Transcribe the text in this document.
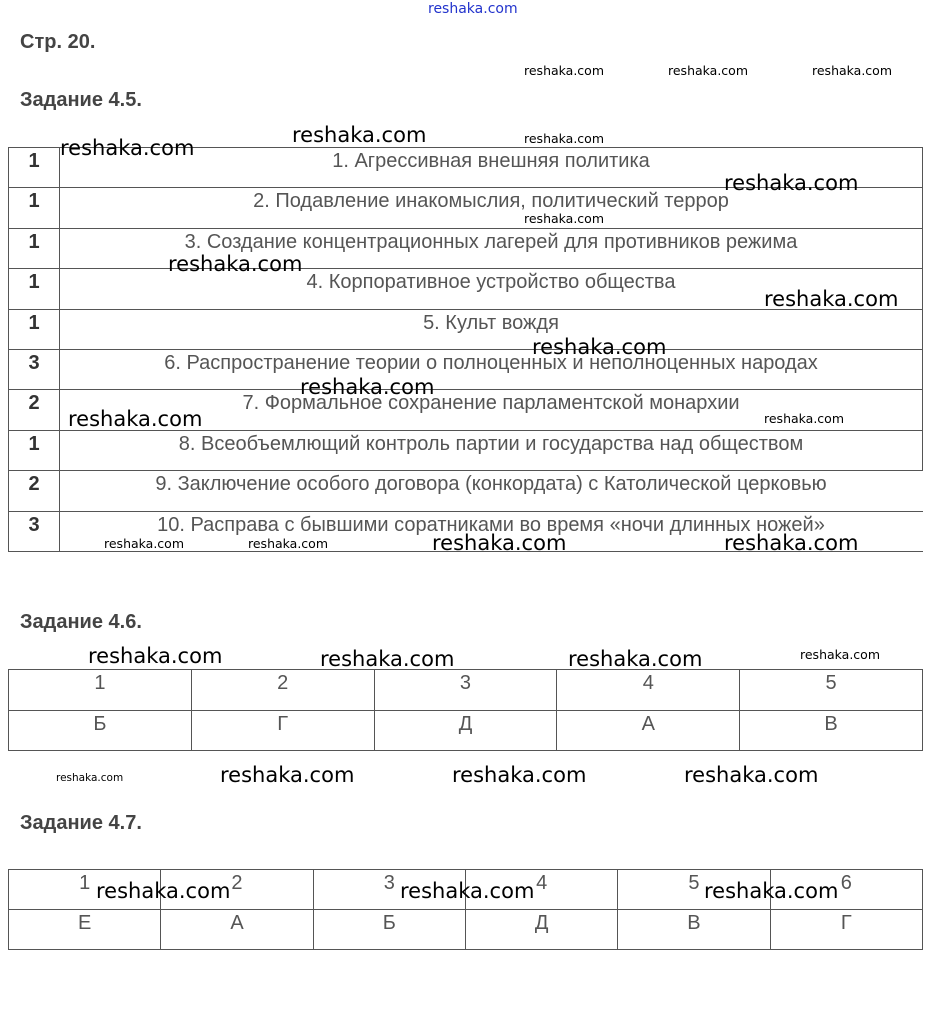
Стр. 20.
Задание 4.5.
1	1. Агрессивная внешняя политика
1	2. Подавление инакомыслия, политический террор
1	3. Создание концентрационных лагерей для противников режима
1	4. Корпоративное устройство общества
1	5. Культ вождя
3	6. Распространение теории о полноценных и неполноценных народах
2	7. Формальное сохранение парламентской монархии
1	8. Всеобъемлющий контроль партии и государства над обществом
2	9. Заключение особого договора (конкордата) с Католической церковью
3	10. Расправа с бывшими соратниками во время «ночи длинных ножей»
Задание 4.6.
1	2	3	4	5
Б	Г	Д	А	В
Задание 4.7.
1	2	3	4	5	6
Е	А	Б	Д	В	Г
reshaka.com
reshaka.com	reshaka.com	reshaka.com
reshaka.com
reshaka.com
reshaka.com
reshaka.com	reshaka.com
reshaka.com
reshaka.com
reshaka.com
reshaka.com
reshaka.com
reshaka.com
reshaka.com
reshaka.com
reshaka.com
reshaka.com
reshaka.com	reshaka.com
reshaka.com	reshaka.com	reshaka.com
reshaka.com	reshaka.com	reshaka.com
reshaka.com	reshaka.com	reshaka.com
